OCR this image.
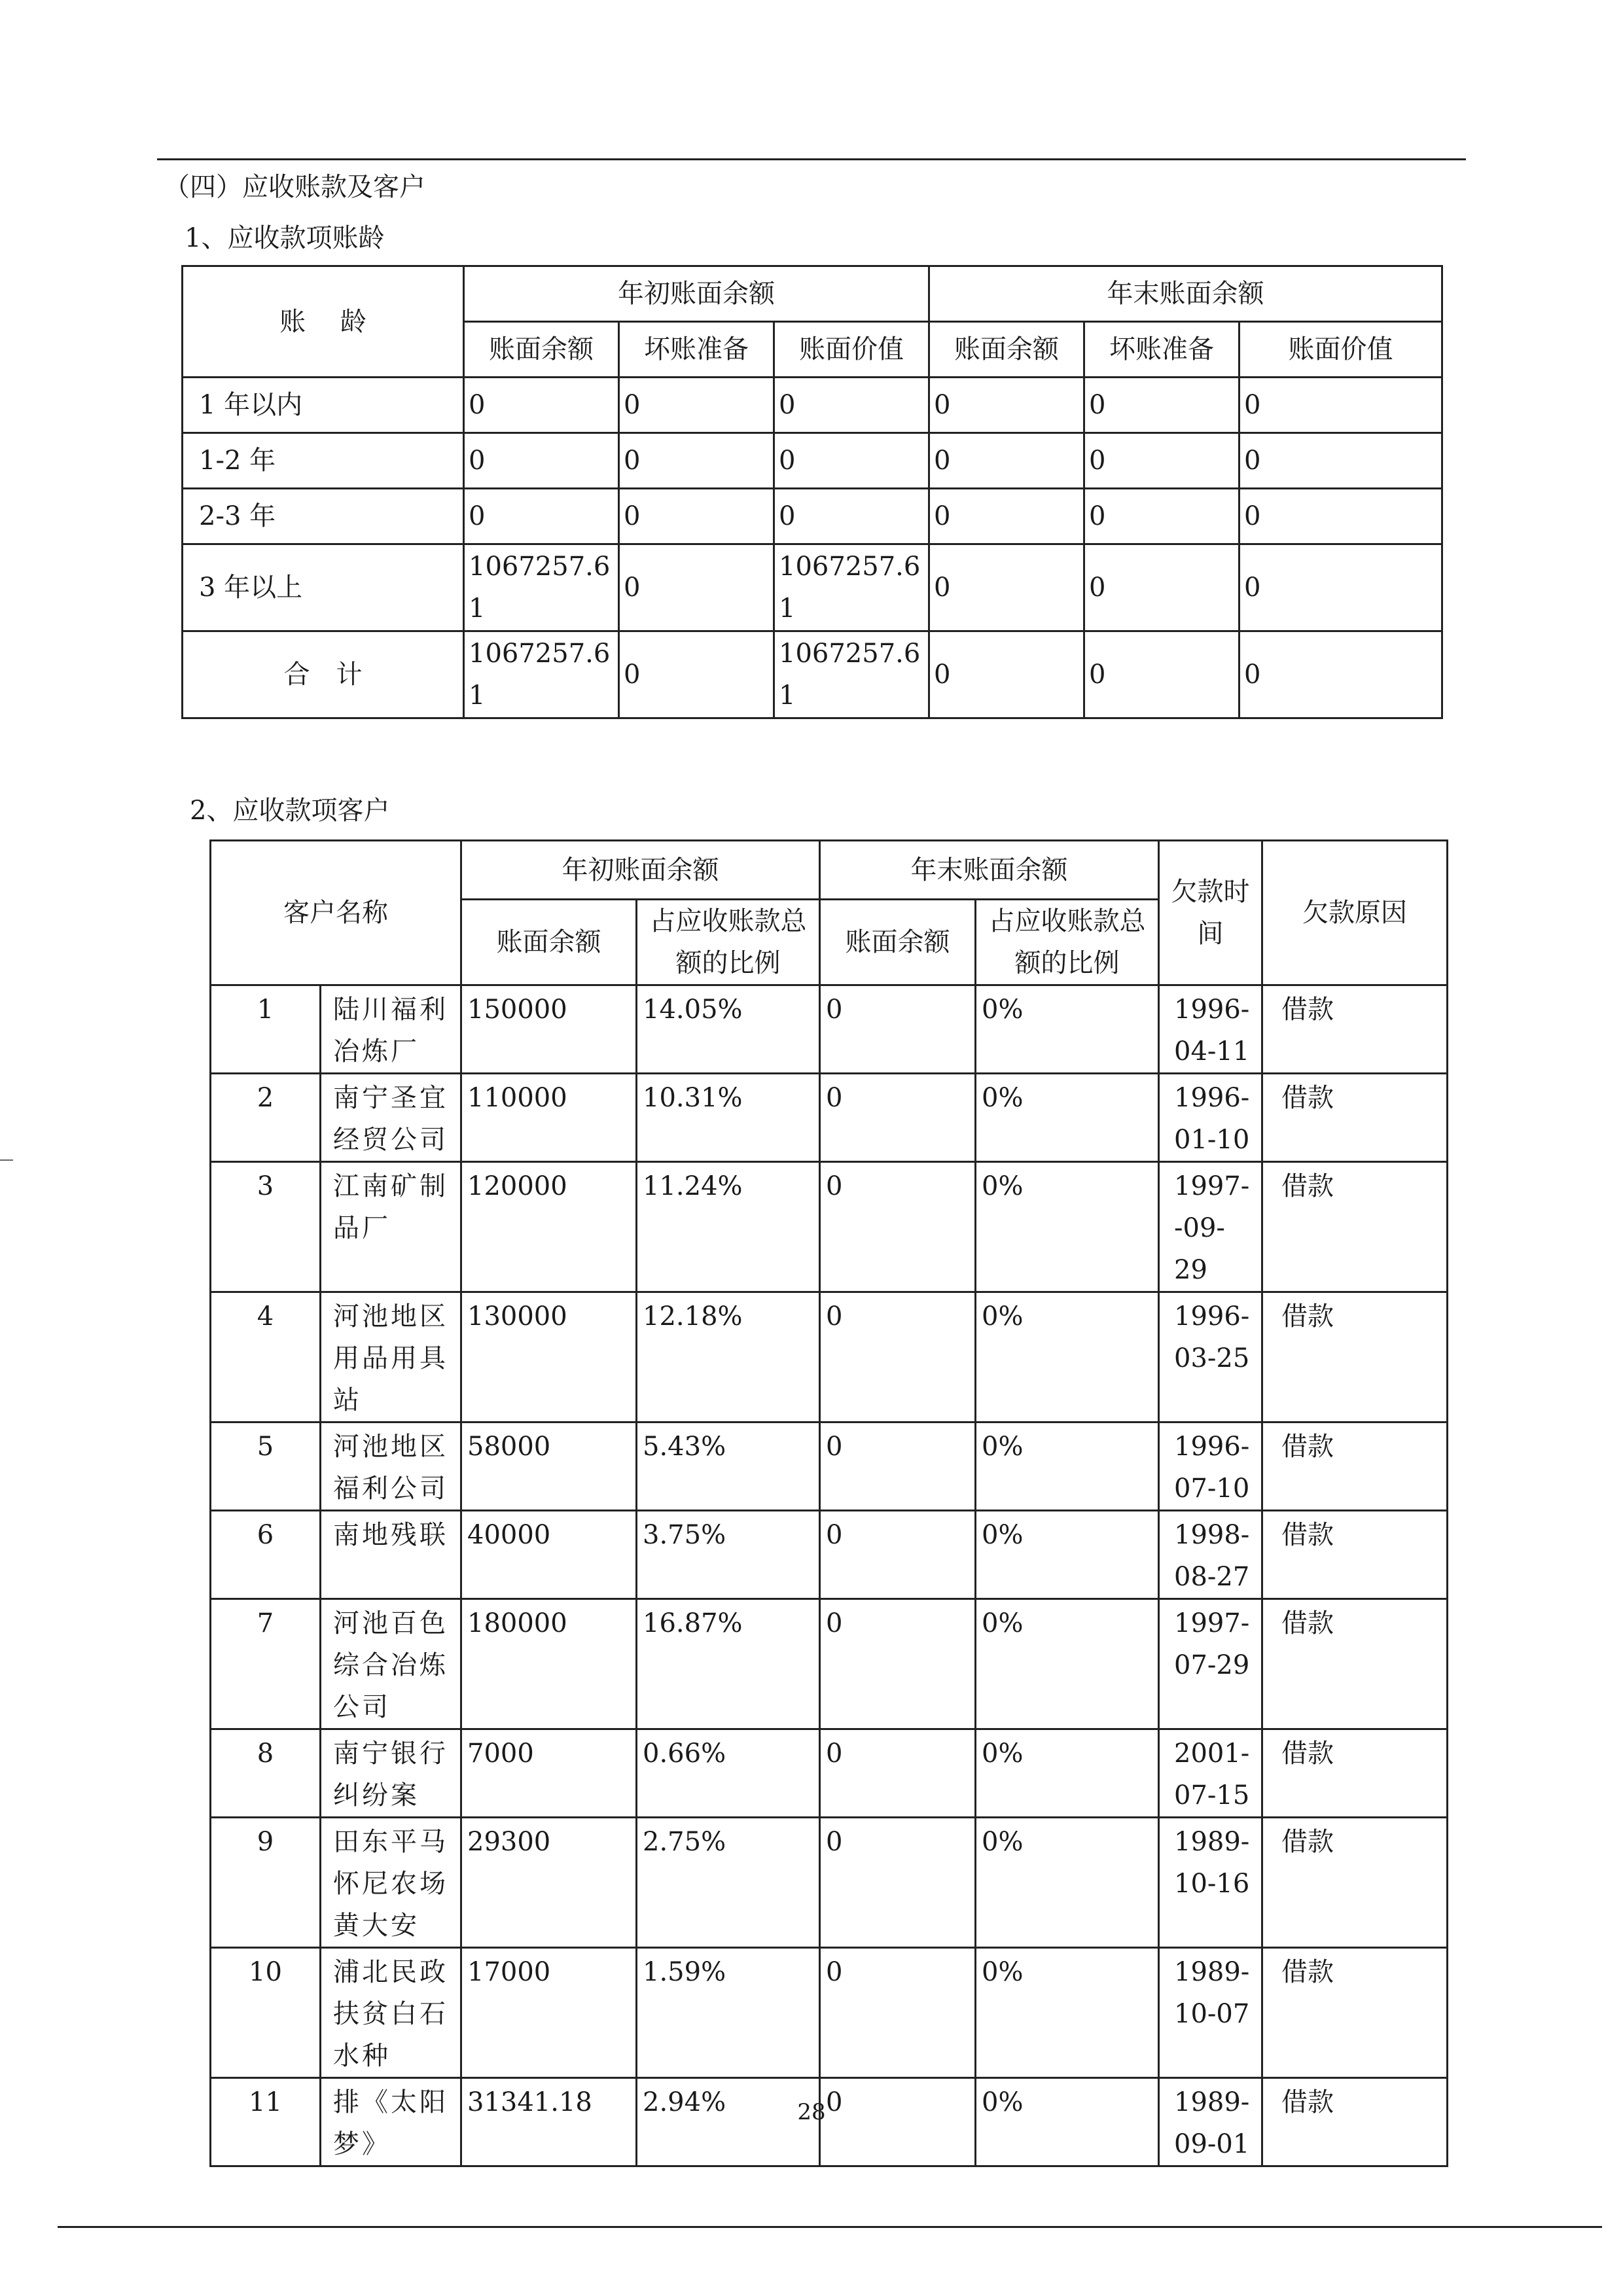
（四）应收账款及客户
1、应收款项账龄
账　 龄	年初账面余额			年末账面余额		
	账面余额	坏账准备	账面价值	账面余额	坏账准备	账面价值
1 年以内	0	0	0	0	0	0
1-2 年	0	0	0	0	0	0
2-3 年	0	0	0	0	0	0
3 年以上	1067257.61	0	1067257.61	0	0	0
合　计	1067257.61	0	1067257.61	0	0	0
2、应收款项客户
客户名称		年初账面余额		年末账面余额		欠款时间	欠款原因
		账面余额	占应收账款总额的比例	账面余额	占应收账款总额的比例		
1	陆川福利冶炼厂	150000	14.05%	0	0%	1996-04-11	借款
2	南宁圣宜经贸公司	110000	10.31%	0	0%	1996-01-10	借款
3	江南矿制品厂	120000	11.24%	0	0%	1997--09-29	借款
4	河池地区用品用具站	130000	12.18%	0	0%	1996-03-25	借款
5	河池地区福利公司	58000	5.43%	0	0%	1996-07-10	借款
6	南地残联	40000	3.75%	0	0%	1998-08-27	借款
7	河池百色综合冶炼公司	180000	16.87%	0	0%	1997-07-29	借款
8	南宁银行纠纷案	7000	0.66%	0	0%	2001-07-15	借款
9	田东平马怀尼农场黄大安	29300	2.75%	0	0%	1989-10-16	借款
10	浦北民政扶贫白石水种	17000	1.59%	0	0%	1989-10-07	借款
11	排《太阳梦》	31341.18	2.94%	0	0%	1989-09-01	借款
28
